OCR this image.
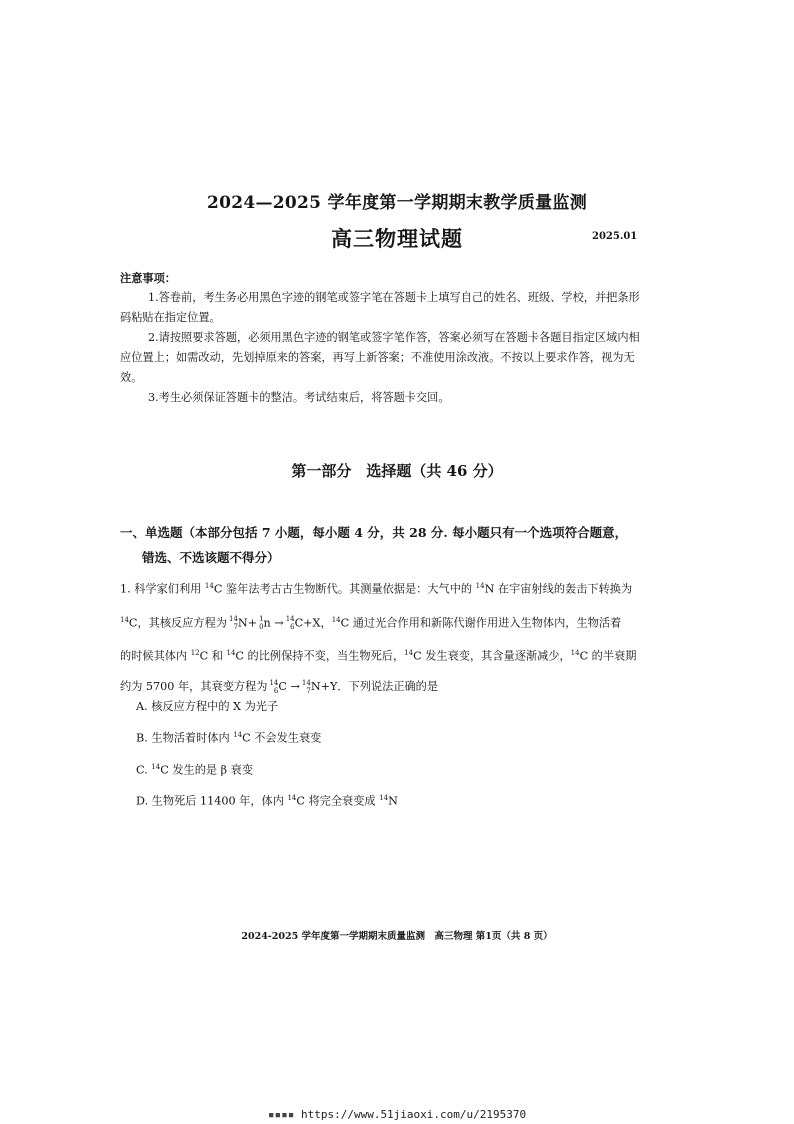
2024—2025 学年度第一学期期末教学质量监测
高三物理试题	2025.01
注意事项：

1.答卷前，考生务必用黑色字迹的钢笔或签字笔在答题卡上填写自己的姓名、班级、学校，并把条形码粘贴在指定位置。

2.请按照要求答题，必须用黑色字迹的钢笔或签字笔作答，答案必须写在答题卡各题目指定区域内相应位置上；如需改动，先划掉原来的答案，再写上新答案；不准使用涂改液。不按以上要求作答，视为无效。

3.考生必须保证答题卡的整洁。考试结束后，将答题卡交回。

第一部分　选择题（共 46 分）
一、单选题（本部分包括 7 小题，每小题 4 分，共 28 分. 每小题只有一个选项符合题意，
错选、不选该题不得分）
1. 科学家们利用 $^{14}$C 鉴年法考古古生物断代。其测量依据是：大气中的 $^{14}$N 在宇宙射线的轰击下转换为
$^{14}$C，其核反应方程为 14
7 N+ 1
0 n → 14
6 C+X，$^{14}$C 通过光合作用和新陈代谢作用进入生物体内，生物活着
的时候其体内 $^{12}$C 和 $^{14}$C 的比例保持不变，当生物死后，$^{14}$C 发生衰变，其含量逐渐减少，$^{14}$C 的半衰期
约为 5700 年，其衰变方程为 14
6 C → 14
7 N+Y．下列说法正确的是
A. 核反应方程中的 X 为光子
B. 生物活着时体内 $^{14}$C 不会发生衰变
C. $^{14}$C 发生的是 β 衰变
D. 生物死后 11400 年，体内 $^{14}$C 将完全衰变成 $^{14}$N
2024-2025 学年度第一学期期末质量监测　高三物理 第1页（共 8 页）
▪▪▪▪ https://www.51jiaoxi.com/u/2195370
